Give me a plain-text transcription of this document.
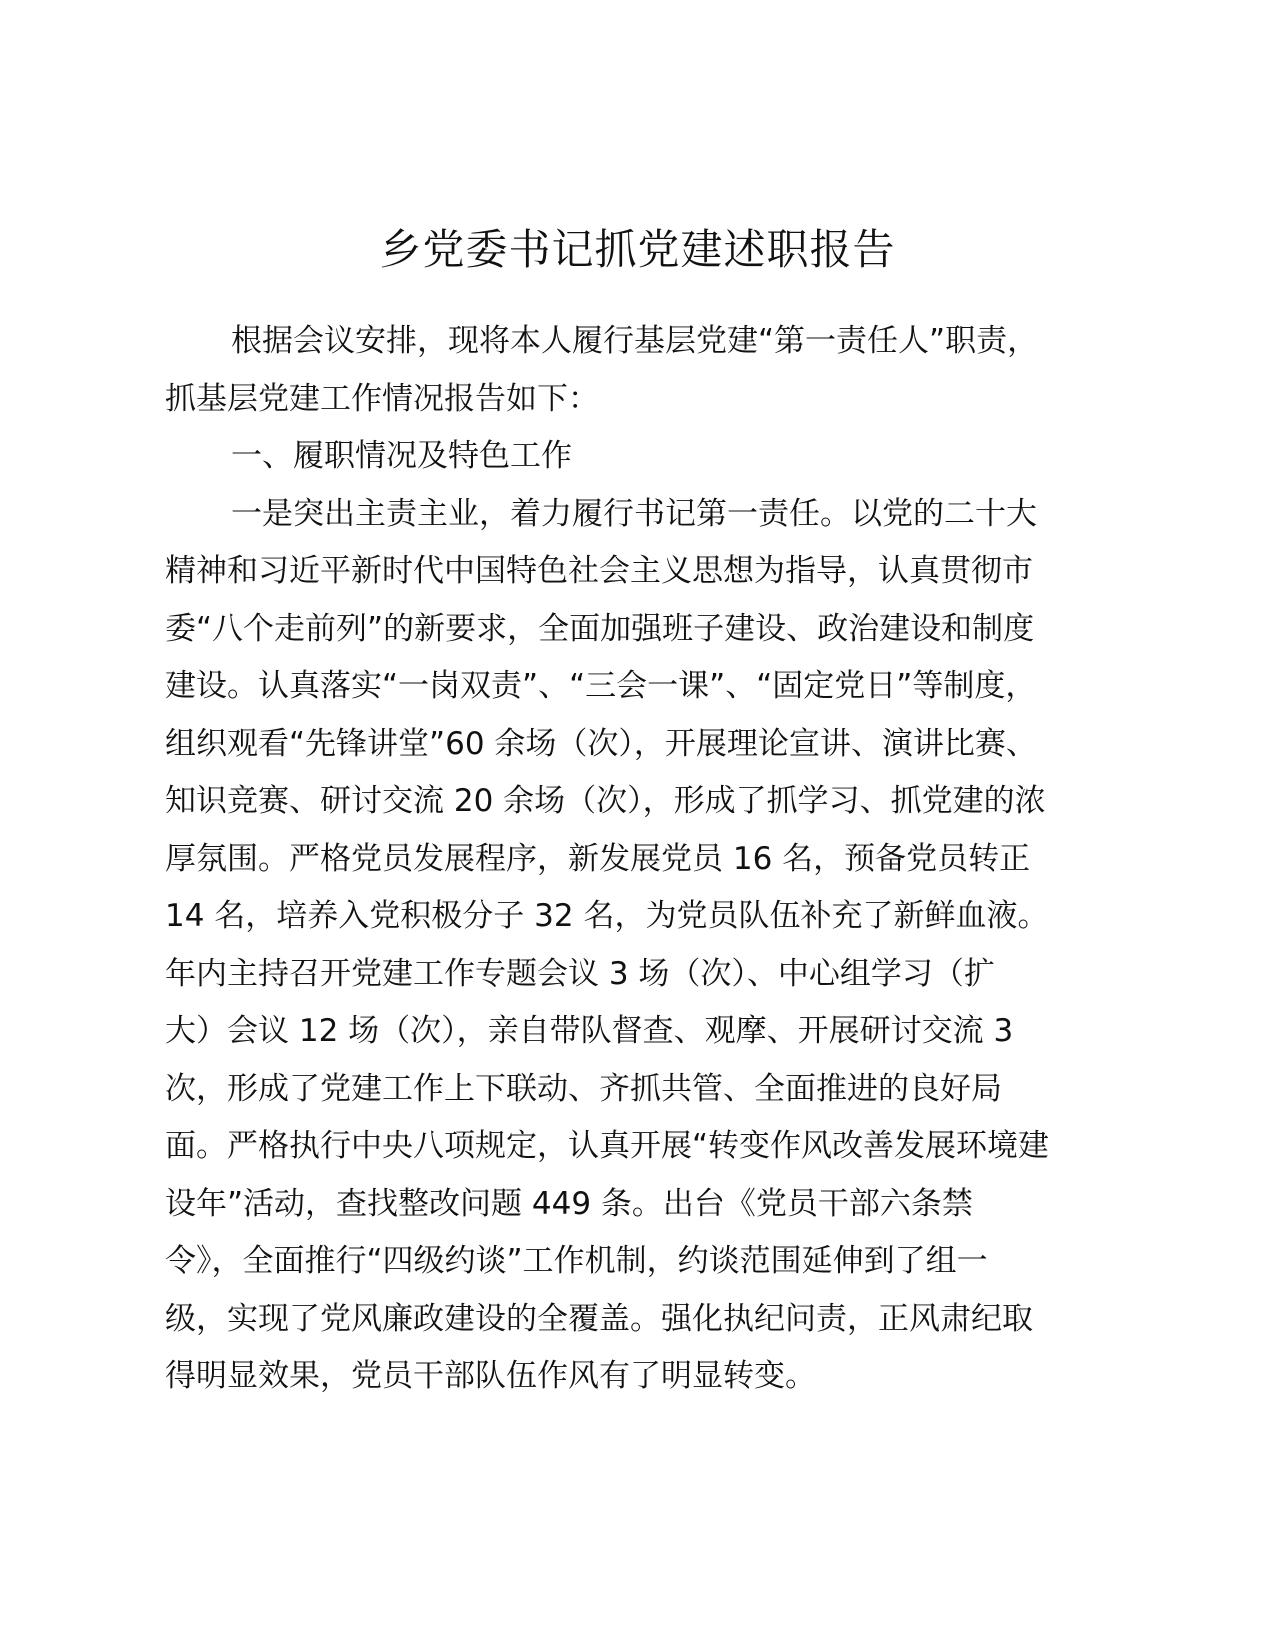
乡党委书记抓党建述职报告

根据会议安排，现将本人履行基层党建“第一责任人”职责，
抓基层党建工作情况报告如下：

一、履职情况及特色工作

一是突出主责主业，着力履行书记第一责任。以党的二十大
精神和习近平新时代中国特色社会主义思想为指导，认真贯彻市
委“八个走前列”的新要求，全面加强班子建设、政治建设和制度
建设。认真落实“一岗双责”、“三会一课”、“固定党日”等制度，
组织观看“先锋讲堂”60 余场（次），开展理论宣讲、演讲比赛、
知识竞赛、研讨交流 20 余场（次），形成了抓学习、抓党建的浓
厚氛围。严格党员发展程序，新发展党员 16 名，预备党员转正
14 名，培养入党积极分子 32 名，为党员队伍补充了新鲜血液。
年内主持召开党建工作专题会议 3 场（次）、中心组学习（扩
大）会议 12 场（次），亲自带队督查、观摩、开展研讨交流 3
次，形成了党建工作上下联动、齐抓共管、全面推进的良好局
面。严格执行中央八项规定，认真开展“转变作风改善发展环境建
设年”活动，查找整改问题 449 条。出台《党员干部六条禁
令》，全面推行“四级约谈”工作机制，约谈范围延伸到了组一
级，实现了党风廉政建设的全覆盖。强化执纪问责，正风肃纪取
得明显效果，党员干部队伍作风有了明显转变。
